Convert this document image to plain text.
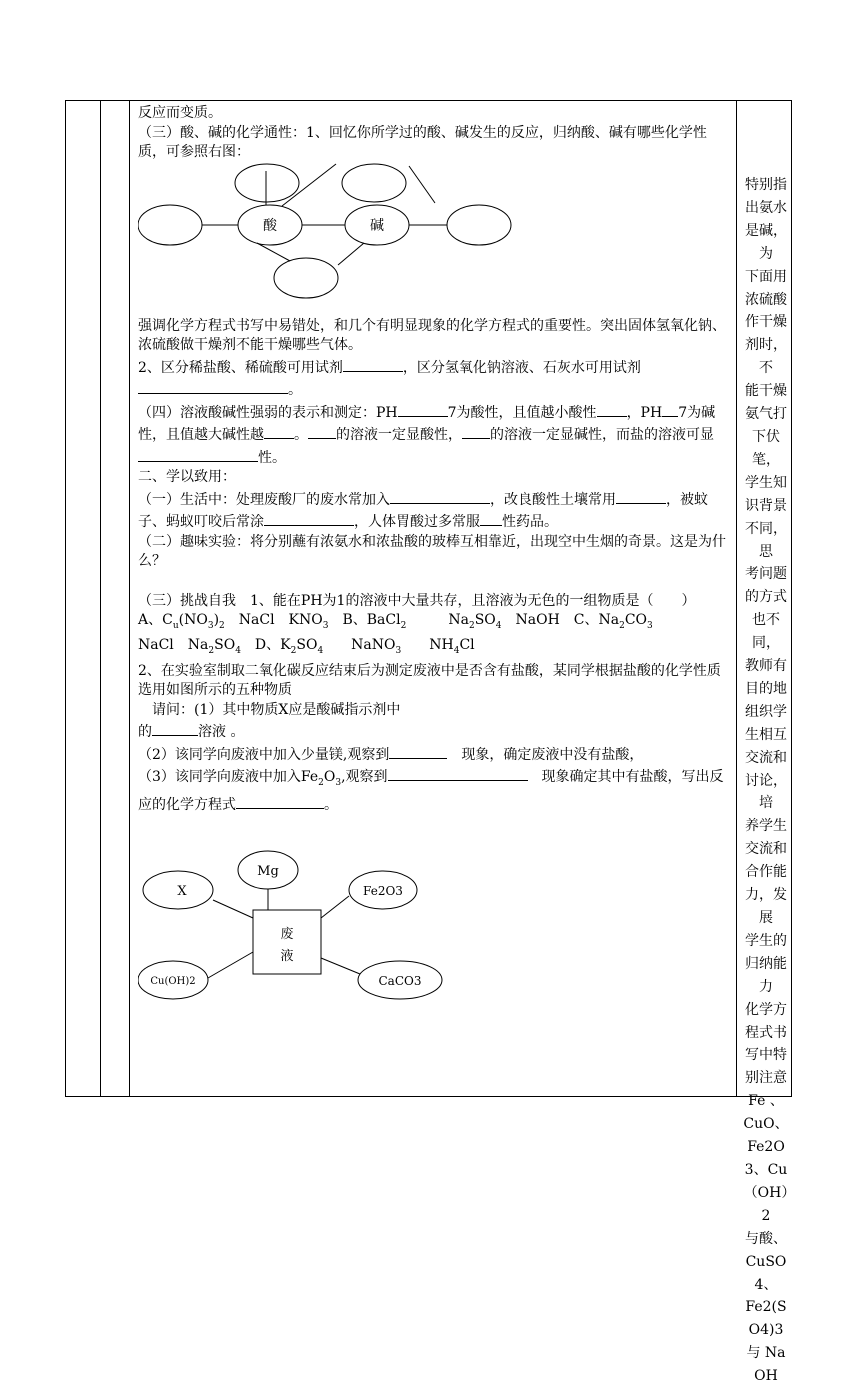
反应而变质。

（三）酸、碱的化学通性：1、回忆你所学过的酸、碱发生的反应，归纳酸、碱有哪些化学性质，可参照右图：

酸	碱

强调化学方程式书写中易错处，和几个有明显现象的化学方程式的重要性。突出固体氢氧化钠、浓硫酸做干燥剂不能干燥哪些气体。

2、区分稀盐酸、稀硫酸可用试剂	，区分氢氧化钠溶液、石灰水可用试剂。

（四）溶液酸碱性强弱的表示和测定：PH	7为酸性，且值越小酸性 ，PH 7为碱性，且值越大碱性越 。 的溶液一定显酸性， 的溶液一定显碱性，而盐的溶液可显性。

二、学以致用：

（一）生活中：处理废酸厂的废水常加入	，改良酸性土壤常用	，被蚊子、蚂蚁叮咬后常涂	，人体胃酸过多常服 性药品。

（二）趣味实验：将分别蘸有浓氨水和浓盐酸的玻棒互相靠近，出现空中生烟的奇景。这是为什么？

（三）挑战自我　1、能在PH为1的溶液中大量共存，且溶液为无色的一组物质是（　　）

A、$C_u(NO_3)_2$　NaCl　$KNO_3$　B、BaCl$_2$　　　$Na_2SO_4$　NaOH　C、$Na_2CO_3$

NaCl　$Na_2SO_4$　D、$K_2SO_4$　　NaNO$_3$　　$NH_4Cl$

2、在实验室制取二氧化碳反应结束后为测定废液中是否含有盐酸，某同学根据盐酸的化学性质选用如图所示的五种物质

　请问：(1）其中物质X应是酸碱指示剂中

的	溶液 。

（2）该同学向废液中加入少量镁,观察到	　现象，确定废液中没有盐酸，

（3）该同学向废液中加入$Fe_2O_3$,观察到	　现象确定其中有盐酸，写出反应的化学方程式	。

Mg
X	Fe2O3
废
液
Cu(OH)2	CaCO3
特别指
出氨水
是碱，为
下面用
浓硫酸
作干燥
剂时，不
能干燥
氨气打
下伏笔，
学生知
识背景
不同，思
考问题
的方式
也不同，
教师有
目的地
组织学
生相互
交流和
讨论，培
养学生
交流和
合作能
力，发展
学生的
归纳能
力
化学方
程式书
写中特
别注意
Fe 、
CuO、
Fe2O3、Cu
（OH）2
与酸、
CuSO4、
Fe2(SO4)3
与 NaOH
